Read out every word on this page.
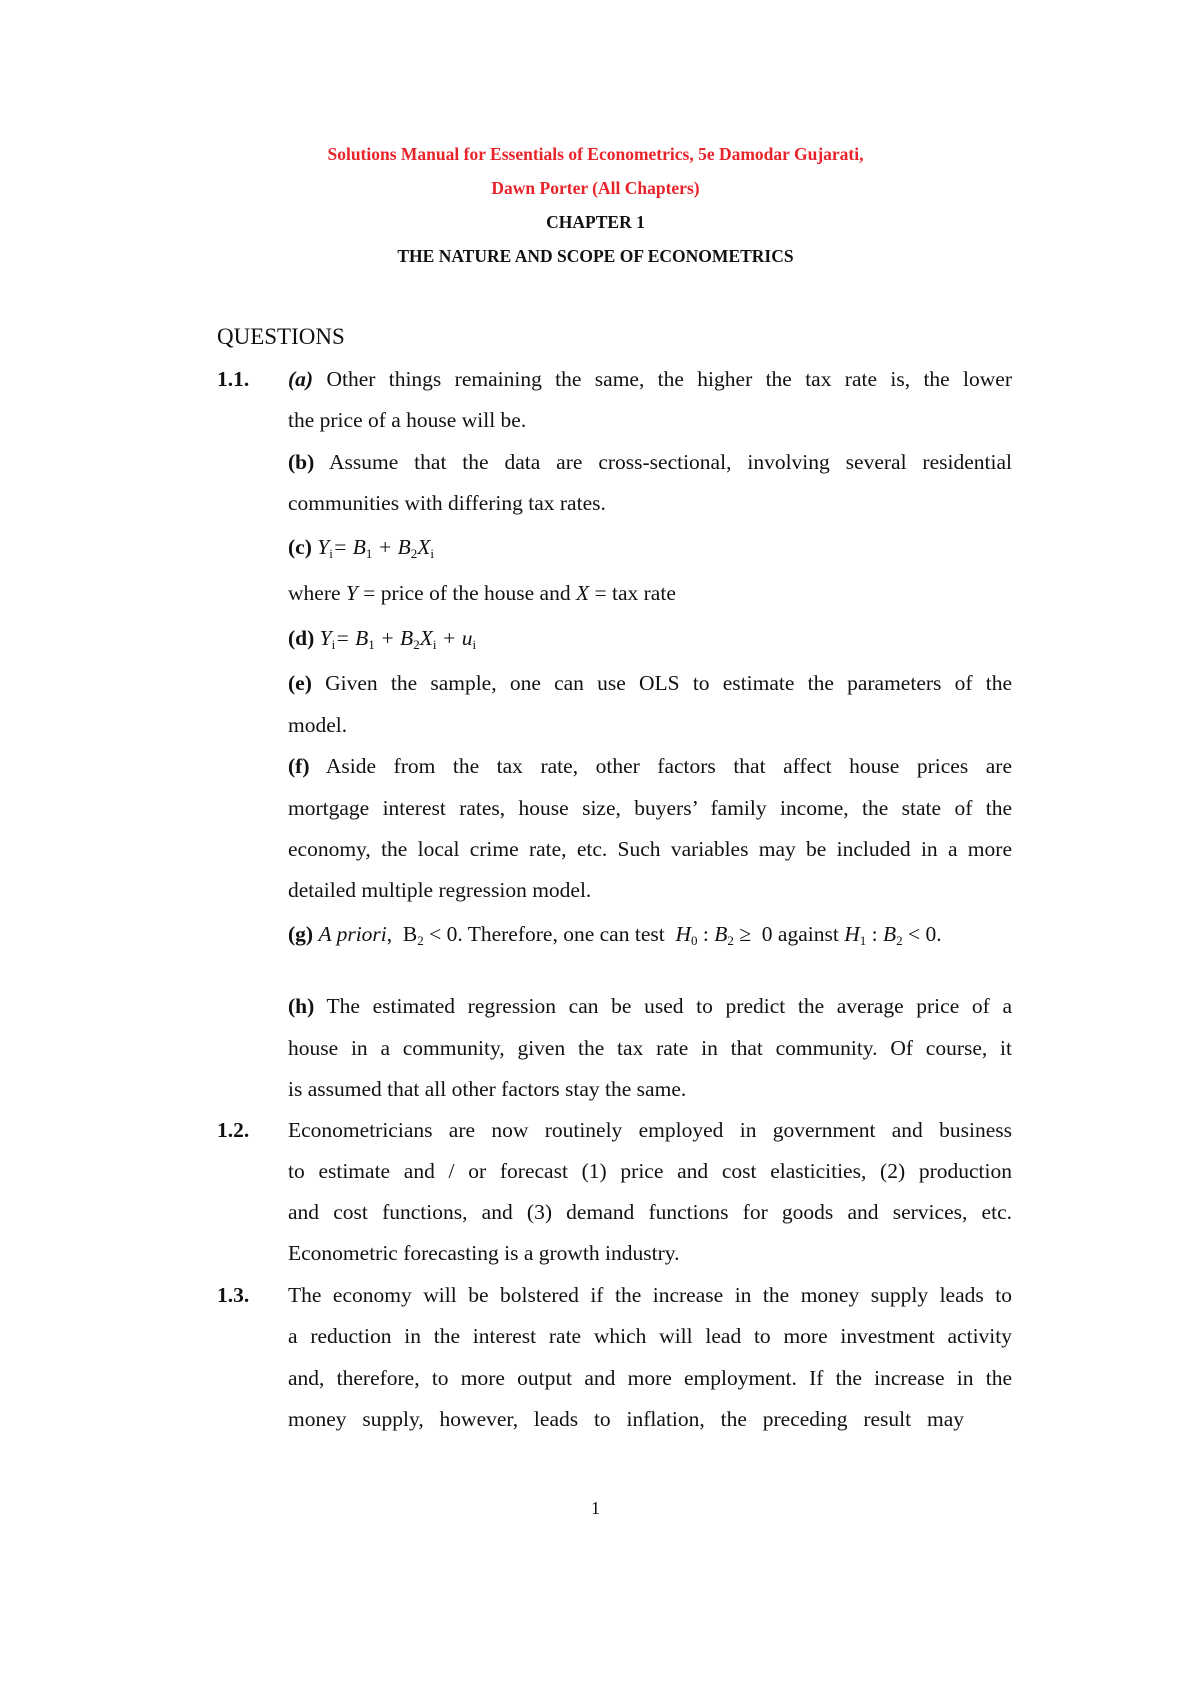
Solutions Manual for Essentials of Econometrics, 5e Damodar Gujarati,
Dawn Porter (All Chapters)
CHAPTER 1
THE NATURE AND SCOPE OF ECONOMETRICS
QUESTIONS
1.1. (a) Other things remaining the same, the higher the tax rate is, the lower
the price of a house will be.
(b) Assume that the data are cross-sectional, involving several residential
communities with differing tax rates.
(c) $Y_i= B_1 + B_2X_i$
where Y = price of the house and X = tax rate
(d) $Y_i= B_1 + B_2X_i + u_i$
(e) Given the sample, one can use OLS to estimate the parameters of the
model.
(f) Aside from the tax rate, other factors that affect house prices are
mortgage interest rates, house size, buyers’ family income, the state of the
economy, the local crime rate, etc. Such variables may be included in a more
detailed multiple regression model.
(g) A priori,  $B_2 < 0$. Therefore, one can test  $H_0$ : $B_2 \ge 0$ against $H_1$ : $B_2 < 0$.
(h) The estimated regression can be used to predict the average price of a
house in a community, given the tax rate in that community. Of course, it
is assumed that all other factors stay the same.
1.2. Econometricians are now routinely employed in government and business
to estimate and / or forecast (1) price and cost elasticities, (2) production
and cost functions, and (3) demand functions for goods and services, etc.
Econometric forecasting is a growth industry.
1.3. The economy will be bolstered if the increase in the money supply leads to
a reduction in the interest rate which will lead to more investment activity
and, therefore, to more output and more employment. If the increase in the
money supply, however, leads to inflation, the preceding result may
1
